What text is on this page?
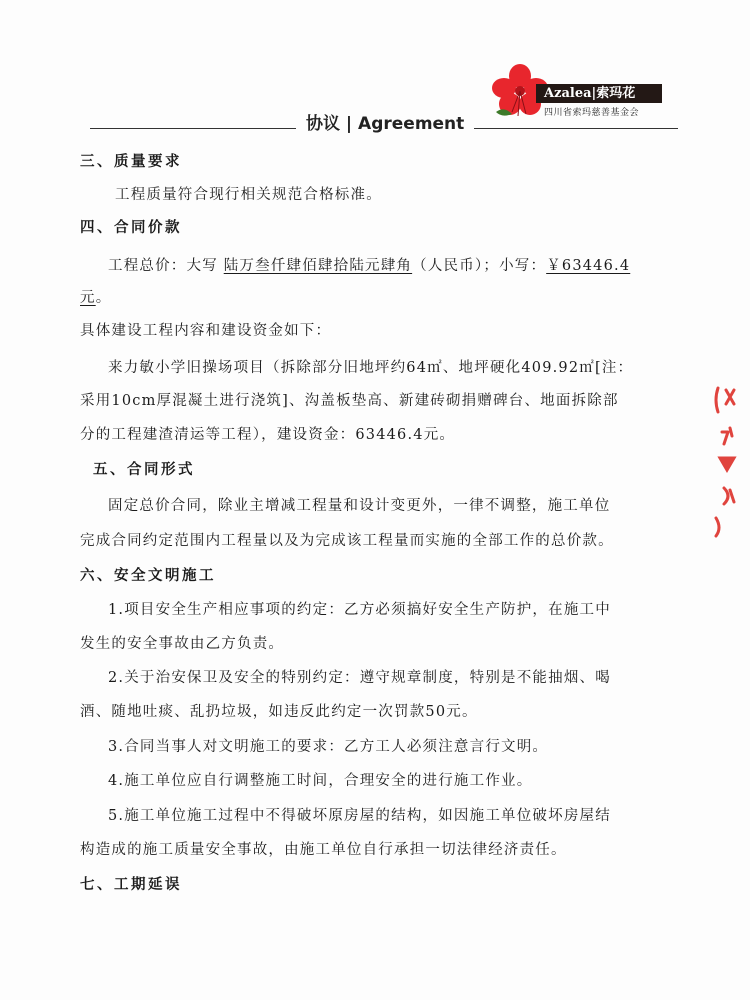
Azalea|索玛花
四川省索玛慈善基金会
协议 | Agreement
三、质量要求
工程质量符合现行相关规范合格标准。
四、合同价款
工程总价：大写 陆万叁仟肆佰肆拾陆元肆角（人民币）；小写：￥63446.4
元。
具体建设工程内容和建设资金如下：
来力敏小学旧操场项目（拆除部分旧地坪约64㎡、地坪硬化409.92㎡[注：
采用10cm厚混凝土进行浇筑]、沟盖板垫高、新建砖砌捐赠碑台、地面拆除部
分的工程建渣清运等工程），建设资金：63446.4元。
五、合同形式
固定总价合同，除业主增减工程量和设计变更外，一律不调整，施工单位
完成合同约定范围内工程量以及为完成该工程量而实施的全部工作的总价款。
六、安全文明施工
1.项目安全生产相应事项的约定：乙方必须搞好安全生产防护，在施工中
发生的安全事故由乙方负责。
2.关于治安保卫及安全的特别约定：遵守规章制度，特别是不能抽烟、喝
酒、随地吐痰、乱扔垃圾，如违反此约定一次罚款50元。
3.合同当事人对文明施工的要求：乙方工人必须注意言行文明。
4.施工单位应自行调整施工时间，合理安全的进行施工作业。
5.施工单位施工过程中不得破坏原房屋的结构，如因施工单位破坏房屋结
构造成的施工质量安全事故，由施工单位自行承担一切法律经济责任。
七、工期延误
